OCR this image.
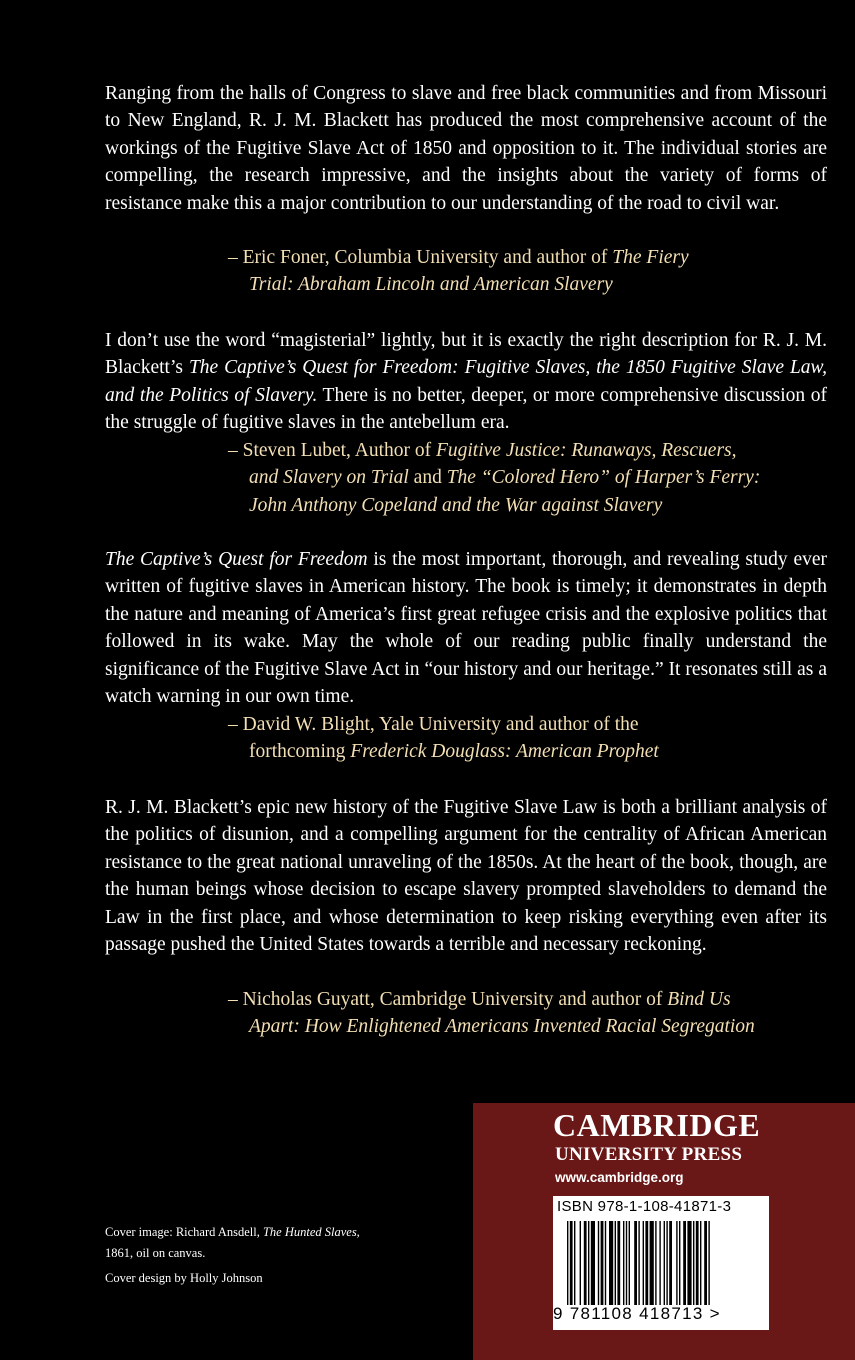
Ranging from the halls of Congress to slave and free black communities and from Missouri to New England, R. J. M. Blackett has produced the most comprehensive account of the workings of the Fugitive Slave Act of 1850 and opposition to it. The individual stories are compelling, the research impressive, and the insights about the variety of forms of resistance make this a major contribution to our understanding of the road to civil war.

– Eric Foner, Columbia University and author of The Fiery
Trial: Abraham Lincoln and American Slavery

I don’t use the word “magisterial” lightly, but it is exactly the right description for R. J. M. Blackett’s The Captive’s Quest for Freedom: Fugitive Slaves, the 1850 Fugitive Slave Law, and the Politics of Slavery. There is no better, deeper, or more comprehensive discussion of the struggle of fugitive slaves in the antebellum era.

– Steven Lubet, Author of Fugitive Justice: Runaways, Rescuers,
and Slavery on Trial and The “Colored Hero” of Harper’s Ferry:
John Anthony Copeland and the War against Slavery

The Captive’s Quest for Freedom is the most important, thorough, and revealing study ever written of fugitive slaves in American history. The book is timely; it demonstrates in depth the nature and meaning of America’s first great refugee crisis and the explosive politics that followed in its wake. May the whole of our reading public finally understand the significance of the Fugitive Slave Act in “our history and our heritage.” It resonates still as a watch warning in our own time.

– David W. Blight, Yale University and author of the
forthcoming Frederick Douglass: American Prophet

R. J. M. Blackett’s epic new history of the Fugitive Slave Law is both a brilliant analysis of the politics of disunion, and a compelling argument for the centrality of African American resistance to the great national unraveling of the 1850s. At the heart of the book, though, are the human beings whose decision to escape slavery prompted slaveholders to demand the Law in the first place, and whose determination to keep risking everything even after its passage pushed the United States towards a terrible and necessary reckoning.

– Nicholas Guyatt, Cambridge University and author of Bind Us
Apart: How Enlightened Americans Invented Racial Segregation

Cover image: Richard Ansdell, The Hunted Slaves,
1861, oil on canvas.

Cover design by Holly Johnson

CAMBRIDGE

UNIVERSITY PRESS

www.cambridge.org

ISBN 978-1-108-41871-3

9 781108 418713 >
